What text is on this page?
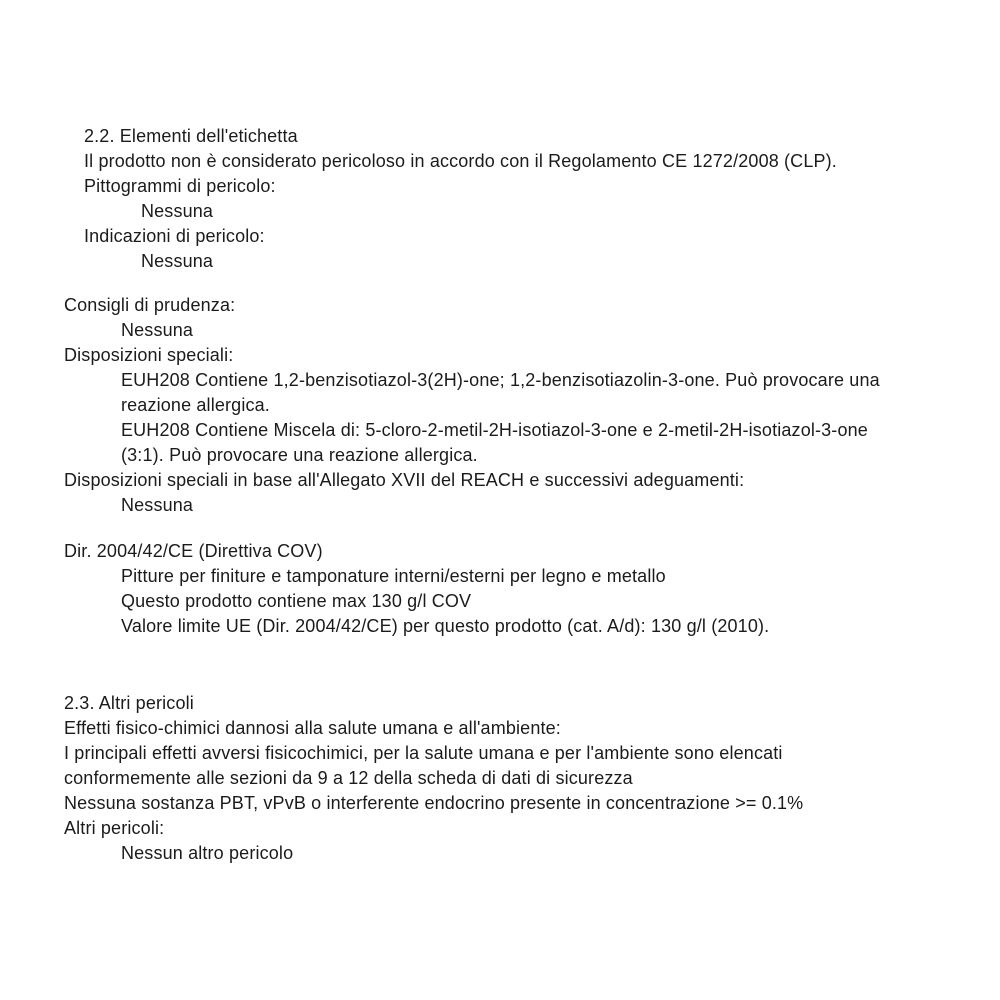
2.2. Elementi dell'etichetta
Il prodotto non è considerato pericoloso in accordo con il Regolamento CE 1272/2008 (CLP).
Pittogrammi di pericolo:
Nessuna
Indicazioni di pericolo:
Nessuna
Consigli di prudenza:
Nessuna
Disposizioni speciali:
EUH208 Contiene 1,2-benzisotiazol-3(2H)-one; 1,2-benzisotiazolin-3-one. Può provocare una
reazione allergica.
EUH208 Contiene Miscela di: 5-cloro-2-metil-2H-isotiazol-3-one e 2-metil-2H-isotiazol-3-one
(3:1). Può provocare una reazione allergica.
Disposizioni speciali in base all'Allegato XVII del REACH e successivi adeguamenti:
Nessuna
Dir. 2004/42/CE (Direttiva COV)
Pitture per finiture e tamponature interni/esterni per legno e metallo
Questo prodotto contiene max 130 g/l COV
Valore limite UE (Dir. 2004/42/CE) per questo prodotto (cat. A/d): 130 g/l (2010).
2.3. Altri pericoli
Effetti fisico-chimici dannosi alla salute umana e all'ambiente:
I principali effetti avversi fisicochimici, per la salute umana e per l'ambiente sono elencati
conformemente alle sezioni da 9 a 12 della scheda di dati di sicurezza
Nessuna sostanza PBT, vPvB o interferente endocrino presente in concentrazione >= 0.1%
Altri pericoli:
Nessun altro pericolo
